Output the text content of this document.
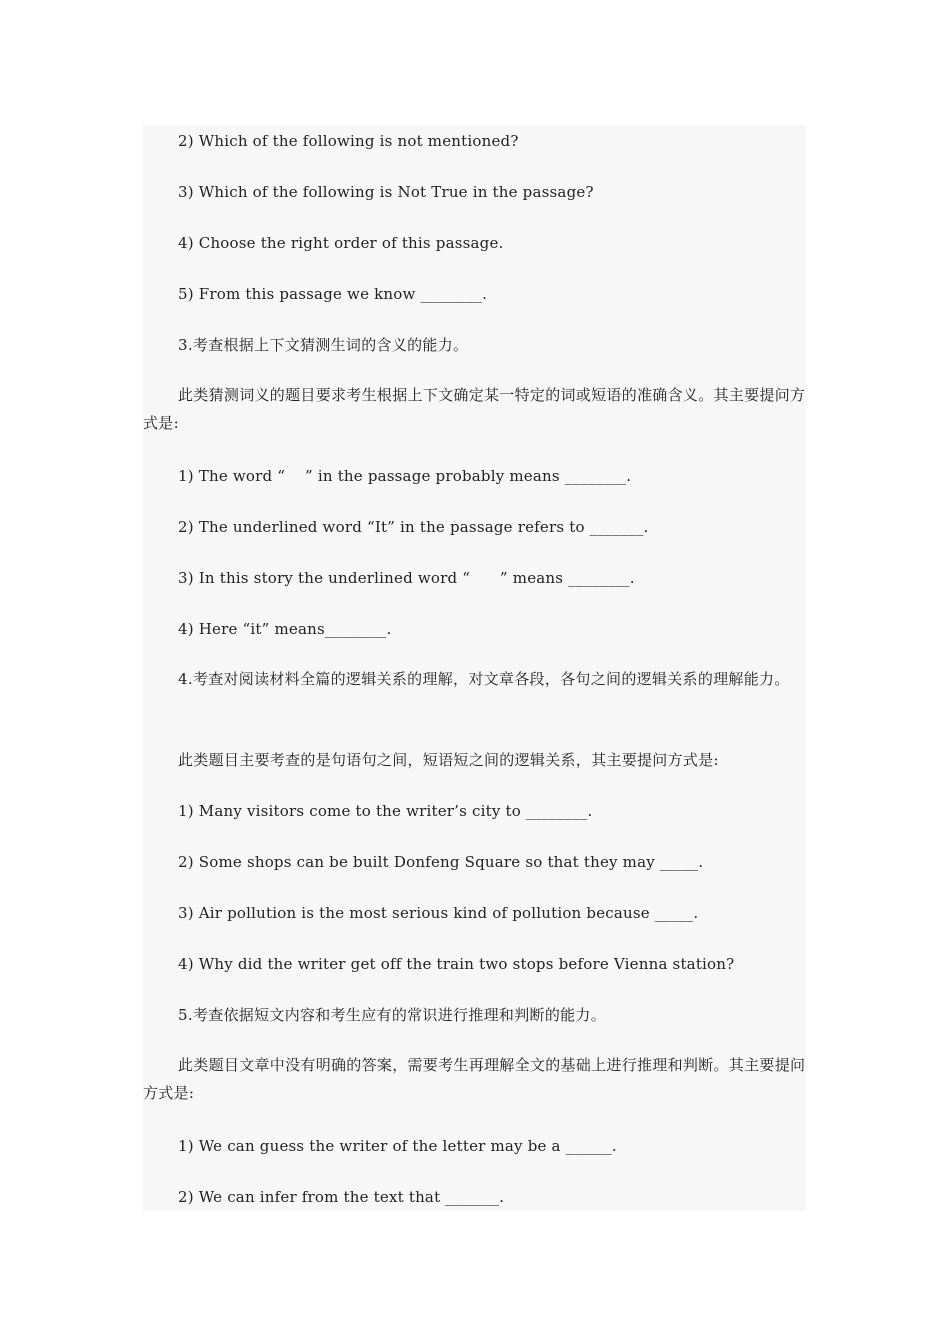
2) Which of the following is not mentioned?
3) Which of the following is Not True in the passage?
4) Choose the right order of this passage.
5) From this passage we know ________.
3.考查根据上下文猜测生词的含义的能力。
此类猜测词义的题目要求考生根据上下文确定某一特定的词或短语的准确含义。其主要提问方式是:
1) The word “    ” in the passage probably means ________.
2) The underlined word “It” in the passage refers to _______.
3) In this story the underlined word “      ” means ________.
4) Here “it” means________.
4.考查对阅读材料全篇的逻辑关系的理解，对文章各段，各句之间的逻辑关系的理解能力。
此类题目主要考查的是句语句之间，短语短之间的逻辑关系，其主要提问方式是:
1) Many visitors come to the writer’s city to ________.
2) Some shops can be built Donfeng Square so that they may _____.
3) Air pollution is the most serious kind of pollution because _____.
4) Why did the writer get off the train two stops before Vienna station?
5.考查依据短文内容和考生应有的常识进行推理和判断的能力。
此类题目文章中没有明确的答案，需要考生再理解全文的基础上进行推理和判断。其主要提问方式是:
1) We can guess the writer of the letter may be a ______.
2) We can infer from the text that _______.
